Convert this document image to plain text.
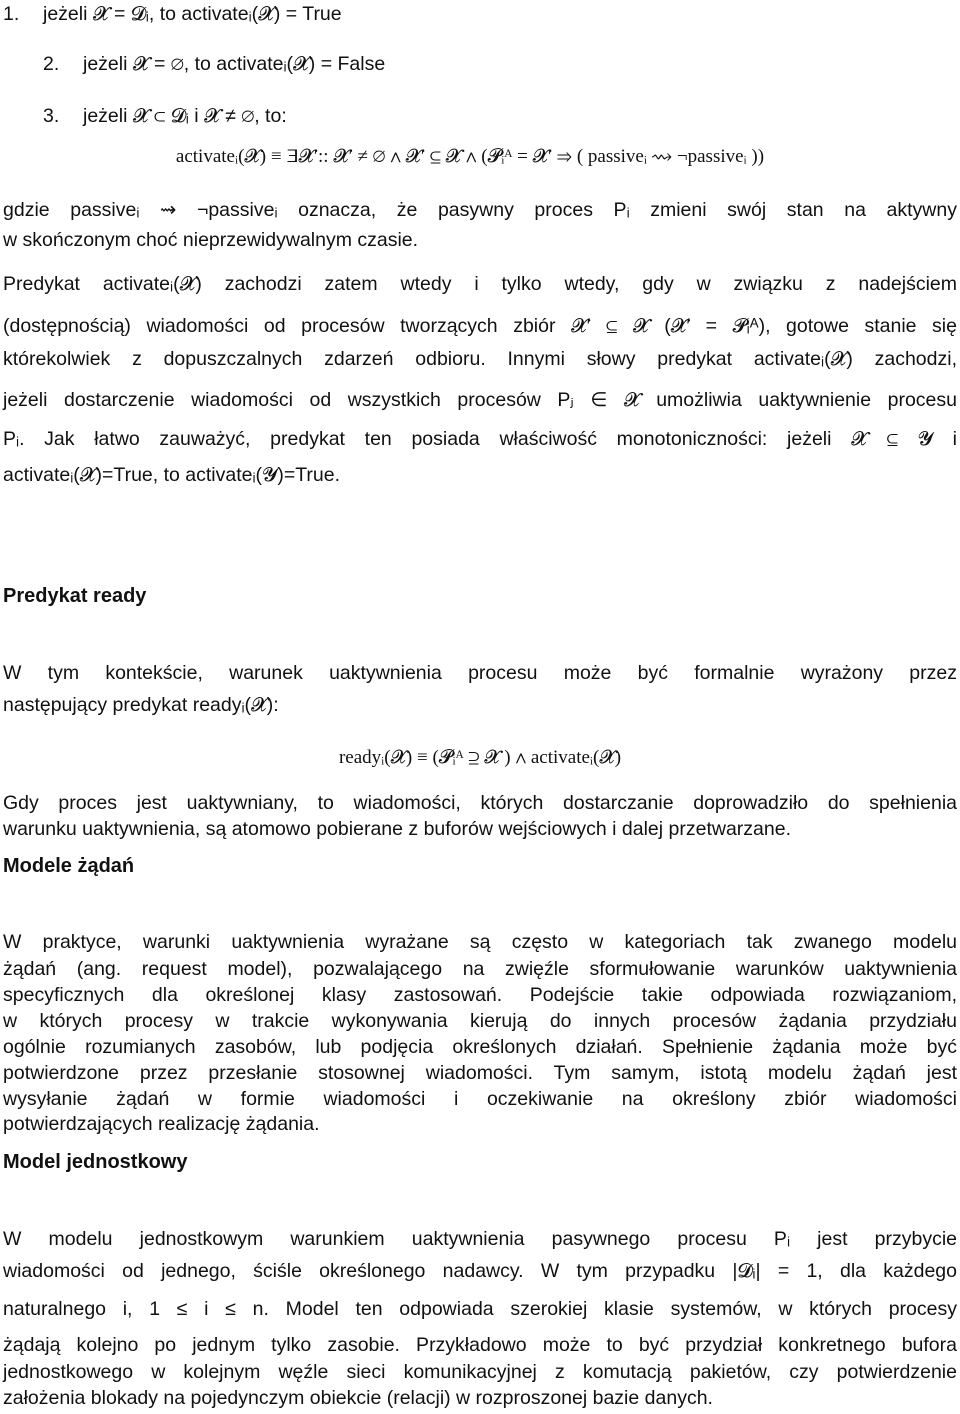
1. jeżeli 𝓧 = 𝓓ᵢ, to activateᵢ(𝓧) = True
2. jeżeli 𝓧 = ∅, to activateᵢ(𝓧) = False
3. jeżeli 𝓧 ⊂ 𝓓ᵢ i 𝓧 ≠ ∅, to:
activateᵢ(𝓧) ≡ ∃𝓧′:: 𝓧′ ≠ ∅ ∧ 𝓧′ ⊆ 𝓧 ∧ (𝓟ᵢᴬ = 𝓧′ ⇒ ( passiveᵢ ⇝ ¬passiveᵢ ))
gdzie passiveᵢ ⇝ ¬passiveᵢ oznacza, że pasywny proces Pᵢ zmieni swój stan na aktywny
w skończonym choć nieprzewidywalnym czasie.
Predykat activateᵢ(𝓧) zachodzi zatem wtedy i tylko wtedy, gdy w związku z nadejściem
(dostępnością) wiadomości od procesów tworzących zbiór 𝓧′ ⊆ 𝓧 (𝓧′ = 𝓟ᵢᴬ), gotowe stanie się
którekolwiek z dopuszczalnych zdarzeń odbioru. Innymi słowy predykat activateᵢ(𝓧) zachodzi,
jeżeli dostarczenie wiadomości od wszystkich procesów Pⱼ ∈ 𝓧 umożliwia uaktywnienie procesu
Pᵢ. Jak łatwo zauważyć, predykat ten posiada właściwość monotoniczności: jeżeli 𝓧 ⊆ 𝓨 i
activateᵢ(𝓧)=True, to activateᵢ(𝓨)=True.
Predykat ready
W tym kontekście, warunek uaktywnienia procesu może być formalnie wyrażony przez
następujący predykat readyᵢ(𝓧):
readyᵢ(𝓧) ≡ (𝓟ᵢᴬ ⊇ 𝓧 ) ∧ activateᵢ(𝓧)
Gdy proces jest uaktywniany, to wiadomości, których dostarczanie doprowadziło do spełnienia
warunku uaktywnienia, są atomowo pobierane z buforów wejściowych i dalej przetwarzane.
Modele żądań
W praktyce, warunki uaktywnienia wyrażane są często w kategoriach tak zwanego modelu
żądań (ang. request model), pozwalającego na zwięźle sformułowanie warunków uaktywnienia
specyficznych dla określonej klasy zastosowań. Podejście takie odpowiada rozwiązaniom,
w których procesy w trakcie wykonywania kierują do innych procesów żądania przydziału
ogólnie rozumianych zasobów, lub podjęcia określonych działań. Spełnienie żądania może być
potwierdzone przez przesłanie stosownej wiadomości. Tym samym, istotą modelu żądań jest
wysyłanie żądań w formie wiadomości i oczekiwanie na określony zbiór wiadomości
potwierdzających realizację żądania.
Model jednostkowy
W modelu jednostkowym warunkiem uaktywnienia pasywnego procesu Pᵢ jest przybycie
wiadomości od jednego, ściśle określonego nadawcy. W tym przypadku |𝓓ᵢ| = 1, dla każdego
naturalnego i, 1 ≤ i ≤ n. Model ten odpowiada szerokiej klasie systemów, w których procesy
żądają kolejno po jednym tylko zasobie. Przykładowo może to być przydział konkretnego bufora
jednostkowego w kolejnym węźle sieci komunikacyjnej z komutacją pakietów, czy potwierdzenie
założenia blokady na pojedynczym obiekcie (relacji) w rozproszonej bazie danych.
